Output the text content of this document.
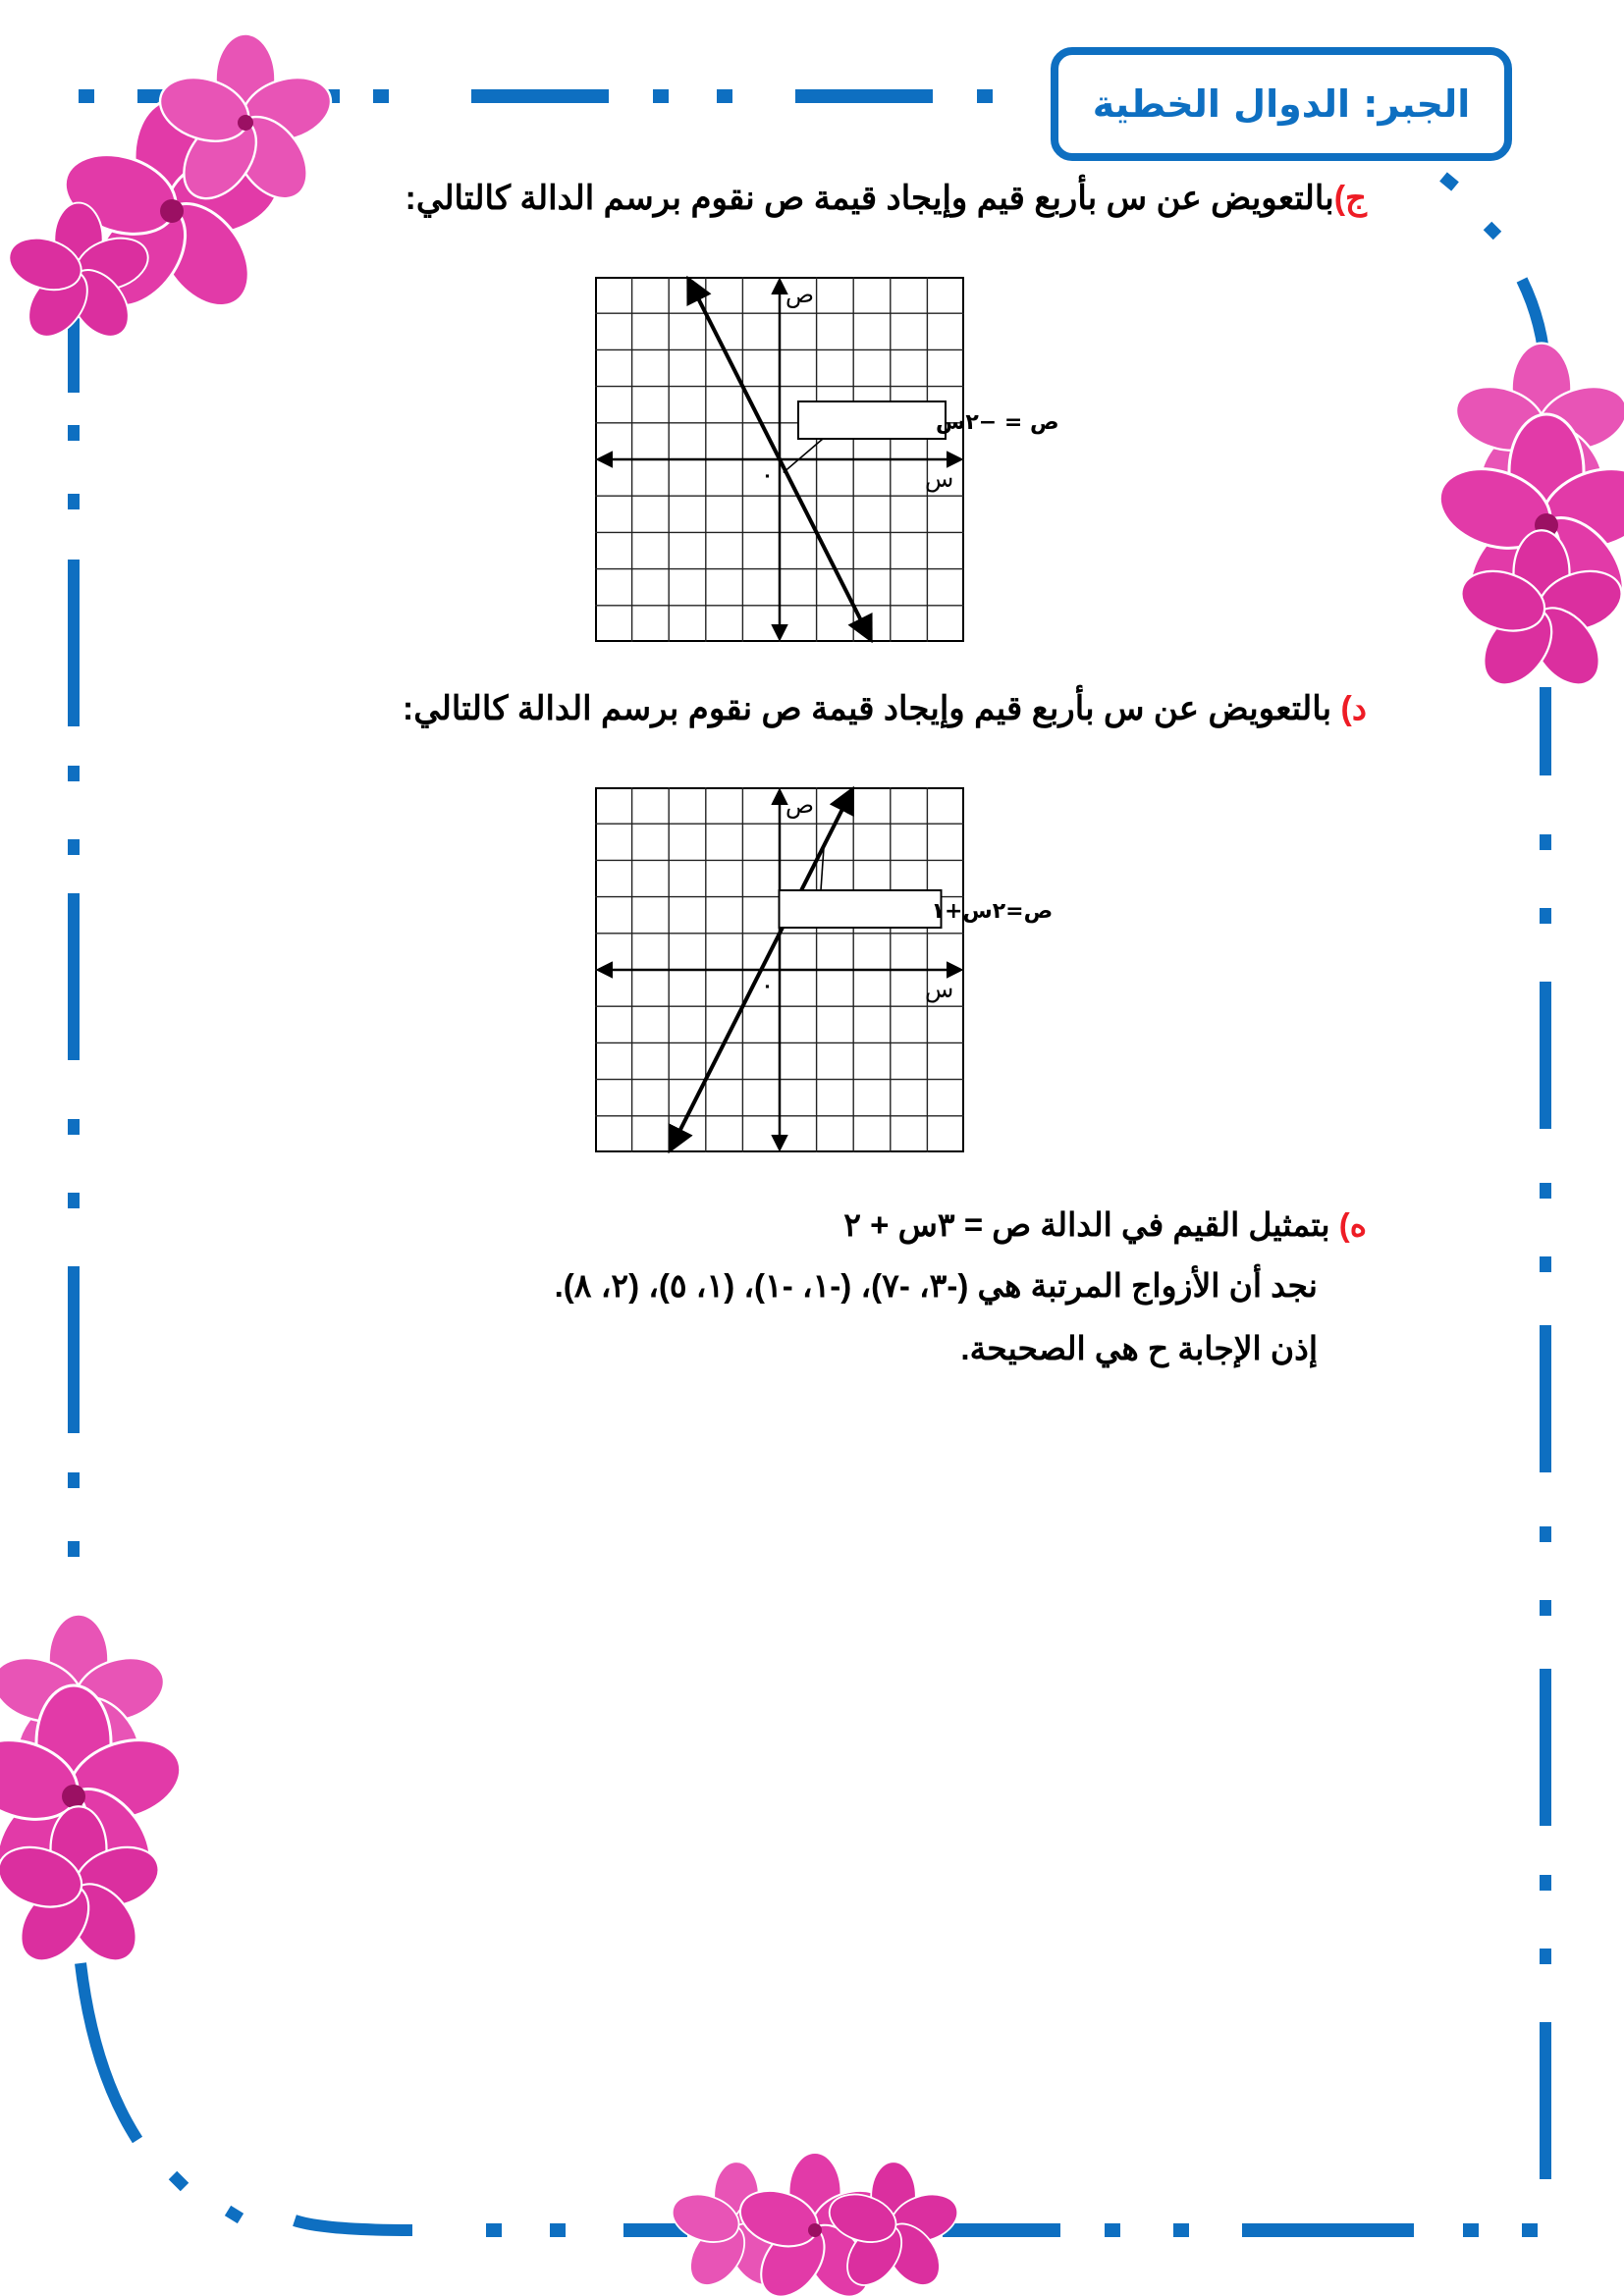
الجبر: الدوال الخطية
ج)بالتعويض عن س بأربع قيم وإيجاد قيمة ص نقوم برسم الدالة كالتالي:
ص = −٢س
ص
س
٠
د) بالتعويض عن س بأربع قيم وإيجاد قيمة ص نقوم برسم الدالة كالتالي:
ص=٢س+١
ص
س
٠
ه) بتمثيل القيم في الدالة ص = ٣س + ٢
نجد أن الأزواج المرتبة هي (-٣، -٧)، (-١، -١)، (١، ٥)، (٢، ٨).
إذن الإجابة ح هي الصحيحة.
